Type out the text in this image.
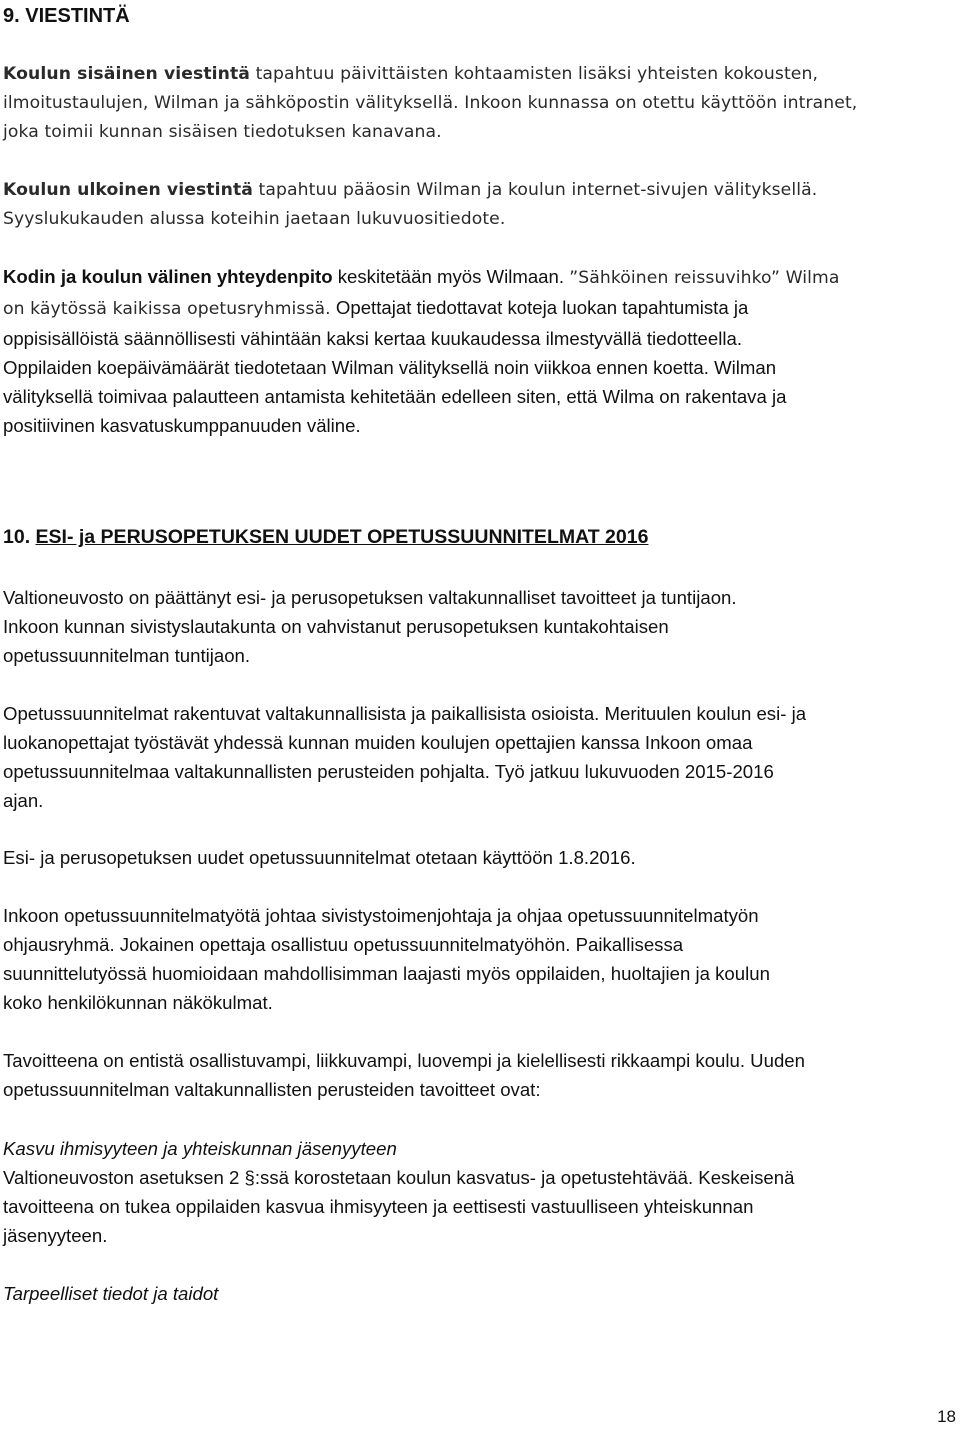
9. VIESTINTÄ
Koulun sisäinen viestintä tapahtuu päivittäisten kohtaamisten lisäksi yhteisten kokousten,
ilmoitustaulujen, Wilman ja sähköpostin välityksellä. Inkoon kunnassa on otettu käyttöön intranet,
joka toimii kunnan sisäisen tiedotuksen kanavana.
Koulun ulkoinen viestintä tapahtuu pääosin Wilman ja koulun internet-sivujen välityksellä.
Syyslukukauden alussa koteihin jaetaan lukuvuositiedote.
Kodin ja koulun välinen yhteydenpito keskitetään myös Wilmaan. ”Sähköinen reissuvihko” Wilma
on käytössä kaikissa opetusryhmissä. Opettajat tiedottavat koteja luokan tapahtumista ja
oppisisällöistä säännöllisesti vähintään kaksi kertaa kuukaudessa ilmestyvällä tiedotteella.
Oppilaiden koepäivämäärät tiedotetaan Wilman välityksellä noin viikkoa ennen koetta. Wilman
välityksellä toimivaa palautteen antamista kehitetään edelleen siten, että Wilma on rakentava ja
positiivinen kasvatuskumppanuuden väline.
10. ESI- ja PERUSOPETUKSEN UUDET OPETUSSUUNNITELMAT 2016
Valtioneuvosto on päättänyt esi- ja perusopetuksen valtakunnalliset tavoitteet ja tuntijaon.
Inkoon kunnan sivistyslautakunta on vahvistanut perusopetuksen kuntakohtaisen
opetussuunnitelman tuntijaon.
Opetussuunnitelmat rakentuvat valtakunnallisista ja paikallisista osioista. Merituulen koulun esi- ja
luokanopettajat työstävät yhdessä kunnan muiden koulujen opettajien kanssa Inkoon omaa
opetussuunnitelmaa valtakunnallisten perusteiden pohjalta. Työ jatkuu lukuvuoden 2015-2016
ajan.
Esi- ja perusopetuksen uudet opetussuunnitelmat otetaan käyttöön 1.8.2016.
Inkoon opetussuunnitelmatyötä johtaa sivistystoimenjohtaja ja ohjaa opetussuunnitelmatyön
ohjausryhmä. Jokainen opettaja osallistuu opetussuunnitelmatyöhön. Paikallisessa
suunnittelutyössä huomioidaan mahdollisimman laajasti myös oppilaiden, huoltajien ja koulun
koko henkilökunnan näkökulmat.
Tavoitteena on entistä osallistuvampi, liikkuvampi, luovempi ja kielellisesti rikkaampi koulu. Uuden
opetussuunnitelman valtakunnallisten perusteiden tavoitteet ovat:
Kasvu ihmisyyteen ja yhteiskunnan jäsenyyteen
Valtioneuvoston asetuksen 2 §:ssä korostetaan koulun kasvatus- ja opetustehtävää. Keskeisenä
tavoitteena on tukea oppilaiden kasvua ihmisyyteen ja eettisesti vastuulliseen yhteiskunnan
jäsenyyteen.
Tarpeelliset tiedot ja taidot
18
